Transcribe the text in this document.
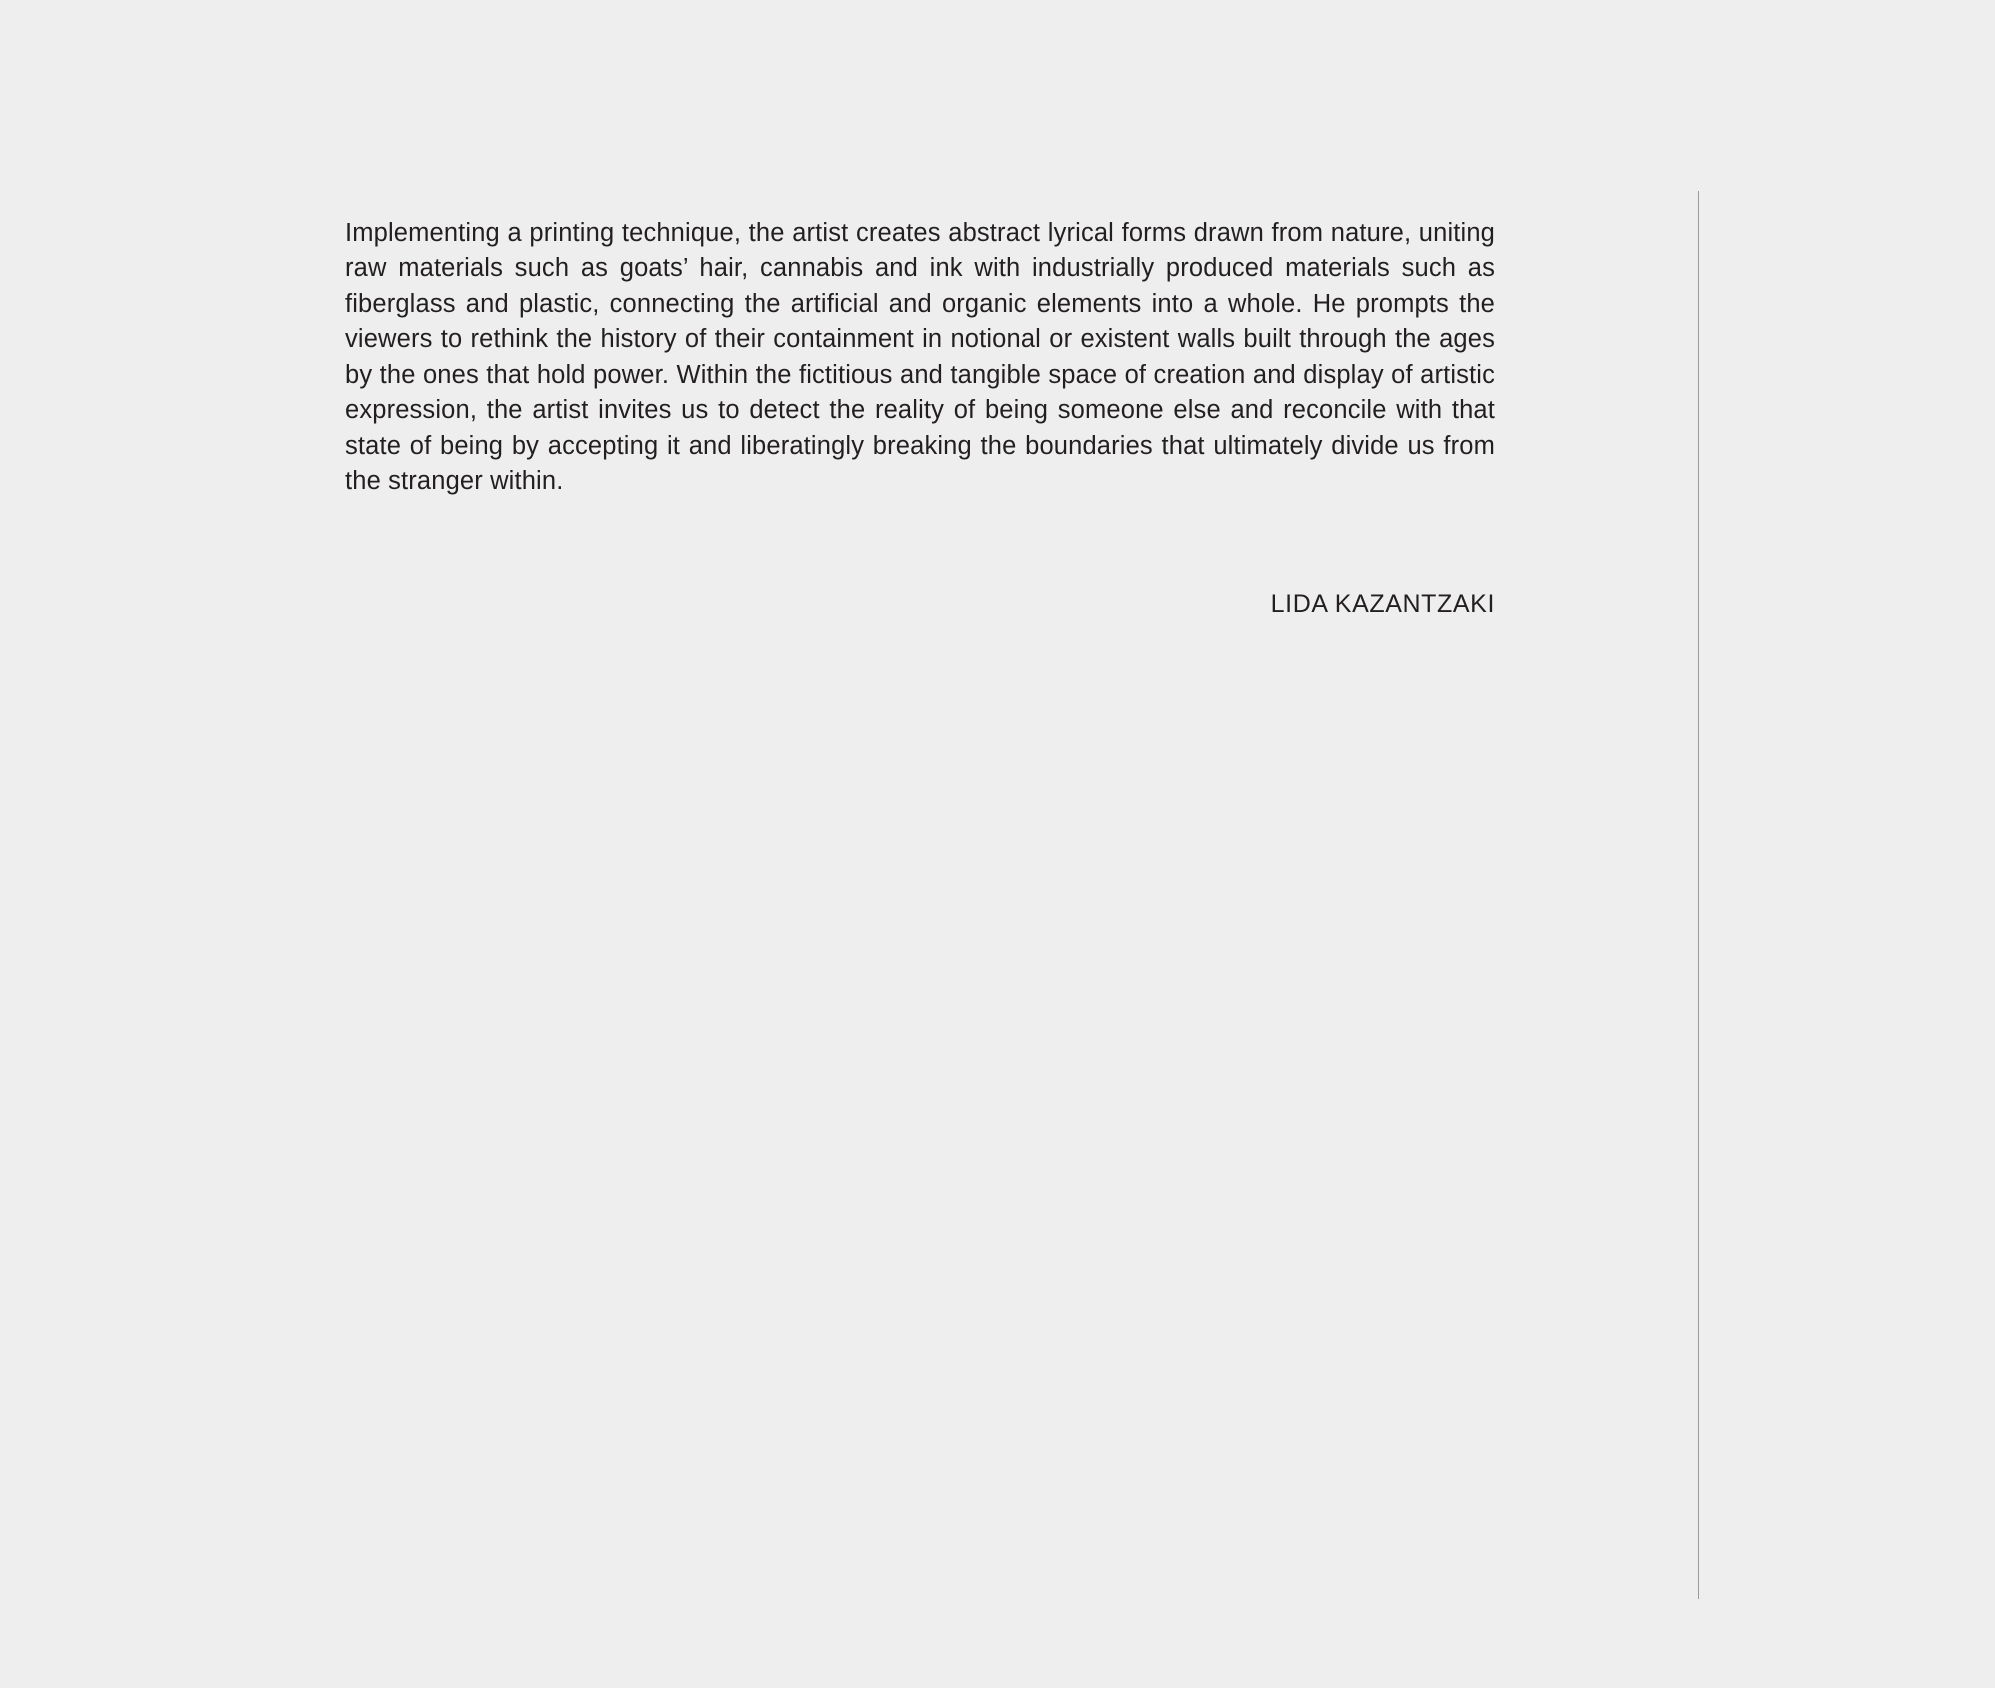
Implementing a printing technique, the artist creates abstract lyrical forms drawn from nature, uniting raw materials such as goats’ hair, cannabis and ink with industrially produced materials such as fiberglass and plastic, connecting the artificial and organic elements into a whole. He prompts the viewers to rethink the history of their containment in notional or existent walls built through the ages by the ones that hold power. Within the fictitious and tangible space of creation and display of artistic expression, the artist invites us to detect the reality of being someone else and reconcile with that state of being by accepting it and liberatingly breaking the boundaries that ultimately divide us from the stranger within.

LIDA KAZANTZAKI
